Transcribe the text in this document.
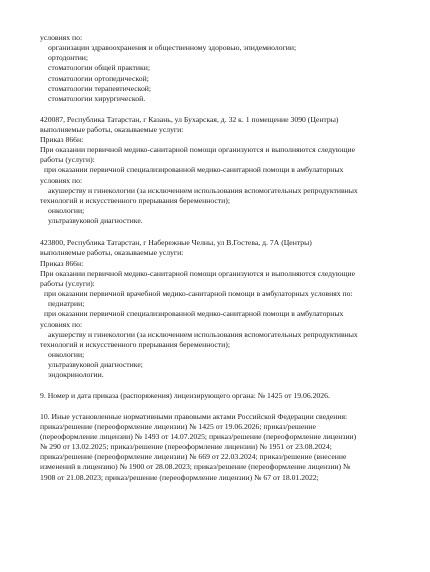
условиях по:
организации здравоохранения и общественному здоровью, эпидемиологии;
ортодонтии;
стоматологии общей практики;
стоматологии ортопедической;
стоматологии терапевтической;
стоматологии хирургической.
420087, Республика Татарстан, г Казань, ул Бухарская, д. 32 к. 1 помещение 3090 (Центры)
выполняемые работы, оказываемые услуги:
Приказ 866н:
При оказании первичной медико-санитарной помощи организуются и выполняются следующие
работы (услуги):
при оказании первичной специализированной медико-санитарной помощи в амбулаторных
условиях по:
акушерству и гинекологии (за исключением использования вспомогательных репродуктивных
технологий и искусственного прерывания беременности);
онкологии;
ультразвуковой диагностике.
423800, Республика Татарстан, г Набережные Челны, ул В.Гостева, д. 7А (Центры)
выполняемые работы, оказываемые услуги:
Приказ 866н:
При оказании первичной медико-санитарной помощи организуются и выполняются следующие
работы (услуги):
при оказании первичной врачебной медико-санитарной помощи в амбулаторных условиях по:
педиатрии;
при оказании первичной специализированной медико-санитарной помощи в амбулаторных
условиях по:
акушерству и гинекологии (за исключением использования вспомогательных репродуктивных
технологий и искусственного прерывания беременности);
онкологии;
ультразвуковой диагностике;
эндокринологии.
9. Номер и дата приказа (распоряжения) лицензирующего органа: № 1425 от 19.06.2026.
10. Иные установленные нормативными правовыми актами Российской Федерации сведения:
приказ/решение (переоформление лицензии) № 1425 от 19.06.2026; приказ/решение
(переоформление лицензии) № 1493 от 14.07.2025; приказ/решение (переоформление лицензии)
№ 290 от 13.02.2025; приказ/решение (переоформление лицензии) № 1951 от 23.08.2024;
приказ/решение (переоформление лицензии) № 669 от 22.03.2024; приказ/решение (внесение
изменений в лицензию) № 1900 от 28.08.2023; приказ/решение (переоформление лицензии) №
1908 от 21.08.2023; приказ/решение (переоформление лицензии) № 67 от 18.01.2022;
